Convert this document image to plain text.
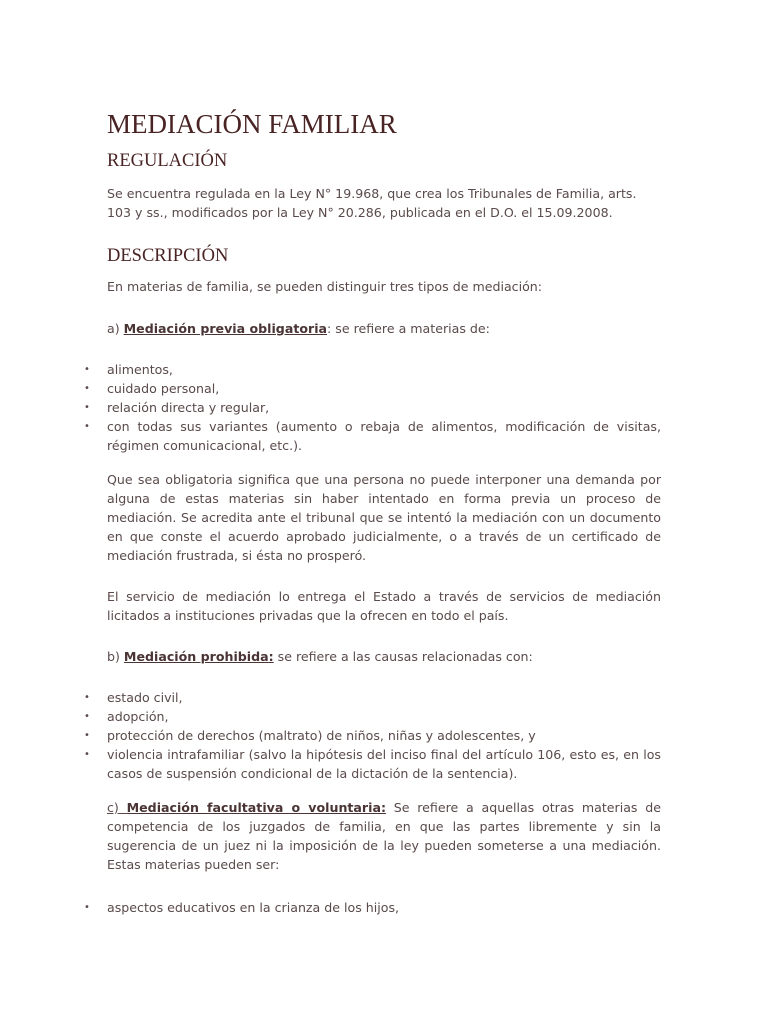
MEDIACIÓN FAMILIAR
REGULACIÓN

Se encuentra regulada en la Ley N° 19.968, que crea los Tribunales de Familia, arts. 103 y ss., modificados por la Ley N° 20.286, publicada en el D.O. el 15.09.2008.

DESCRIPCIÓN

En materias de familia, se pueden distinguir tres tipos de mediación:

a) Mediación previa obligatoria: se refiere a materias de:

• alimentos,
• cuidado personal,
• relación directa y regular,
• con todas sus variantes (aumento o rebaja de alimentos, modificación de visitas, régimen comunicacional, etc.).

Que sea obligatoria significa que una persona no puede interponer una demanda por alguna de estas materias sin haber intentado en forma previa un proceso de mediación. Se acredita ante el tribunal que se intentó la mediación con un documento en que conste el acuerdo aprobado judicialmente, o a través de un certificado de mediación frustrada, si ésta no prosperó.

El servicio de mediación lo entrega el Estado a través de servicios de mediación licitados a instituciones privadas que la ofrecen en todo el país.

b) Mediación prohibida: se refiere a las causas relacionadas con:

• estado civil,
• adopción,
• protección de derechos (maltrato) de niños, niñas y adolescentes, y
• violencia intrafamiliar (salvo la hipótesis del inciso final del artículo 106, esto es, en los casos de suspensión condicional de la dictación de la sentencia).

c) Mediación facultativa o voluntaria: Se refiere a aquellas otras materias de competencia de los juzgados de familia, en que las partes libremente y sin la sugerencia de un juez ni la imposición de la ley pueden someterse a una mediación. Estas materias pueden ser:

• aspectos educativos en la crianza de los hijos,
